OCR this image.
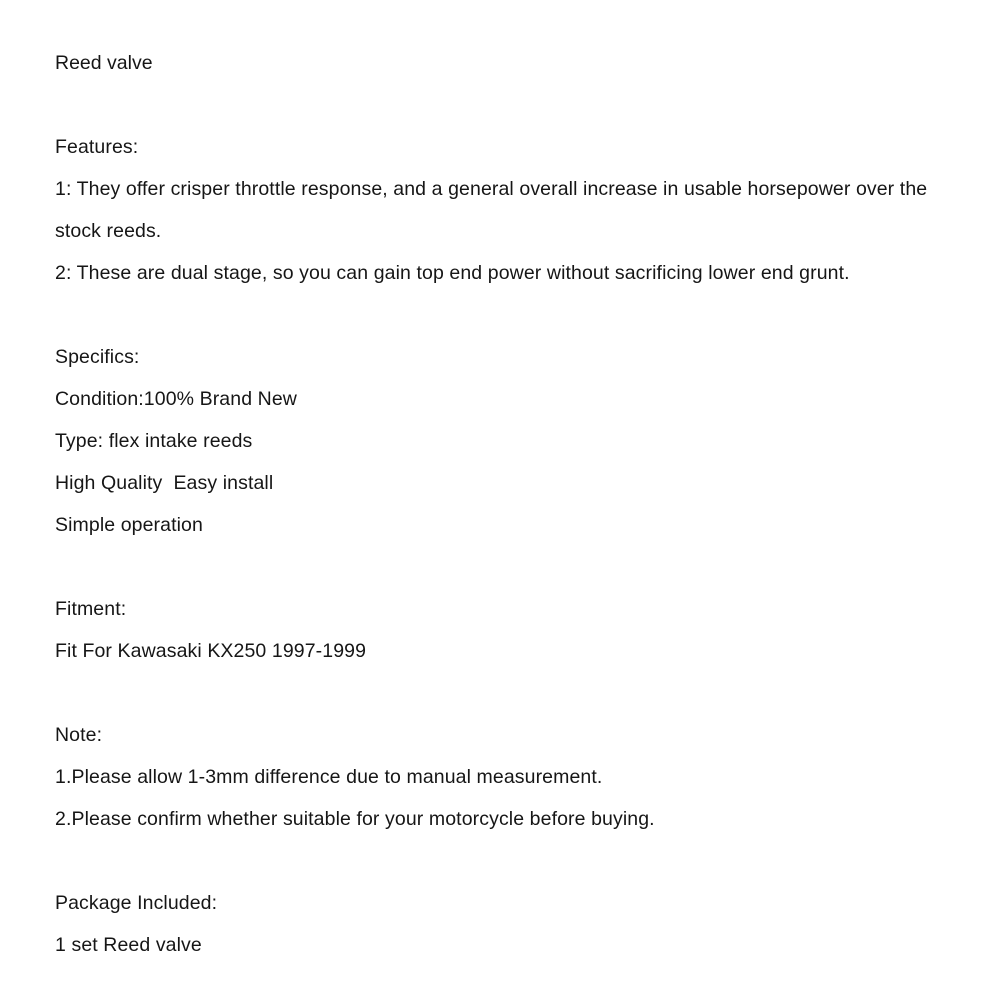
Reed valve
Features:
1: They offer crisper throttle response, and a general overall increase in usable horsepower over the stock reeds.
2: These are dual stage, so you can gain top end power without sacrificing lower end grunt.
Specifics:
Condition:100% Brand New
Type: flex intake reeds
High Quality  Easy install
Simple operation
Fitment:
Fit For Kawasaki KX250 1997-1999
Note:
1.Please allow 1-3mm difference due to manual measurement.
2.Please confirm whether suitable for your motorcycle before buying.
Package Included:
1 set Reed valve
